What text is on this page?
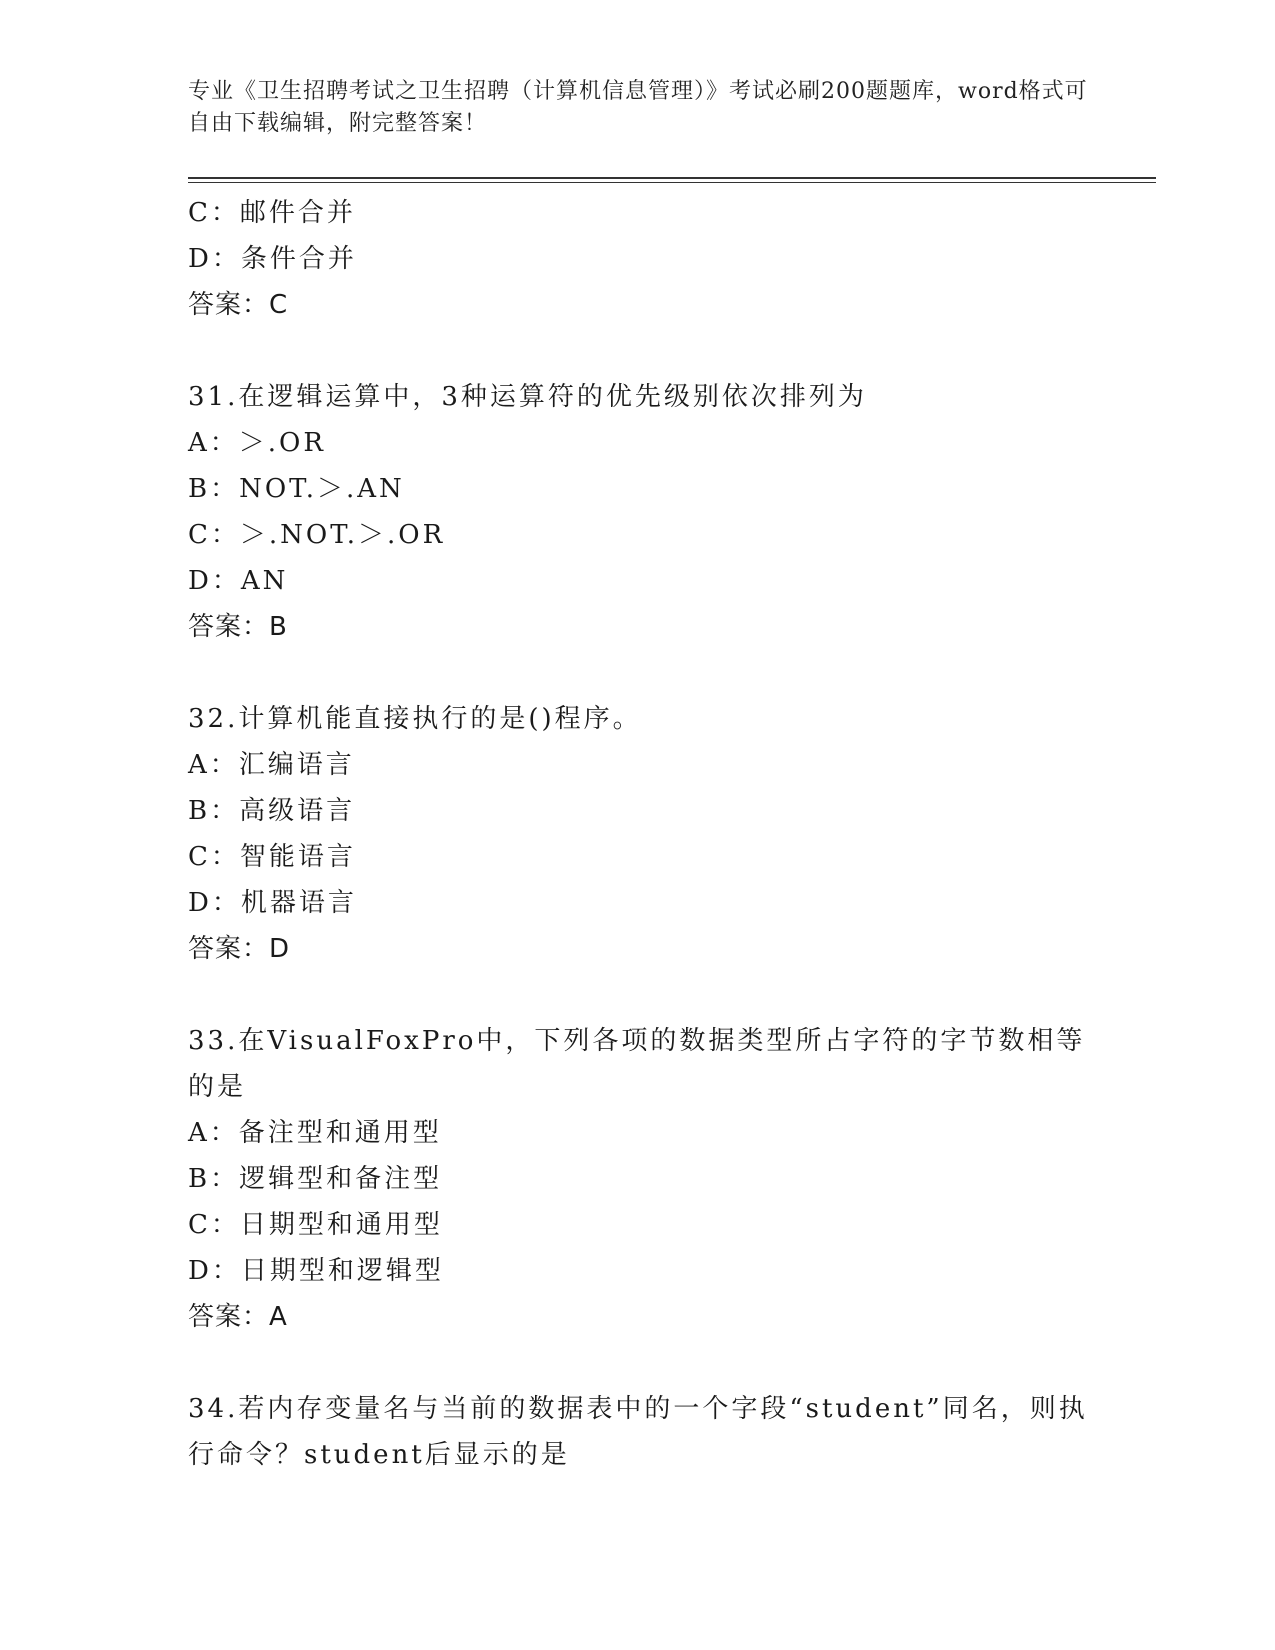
专业《卫生招聘考试之卫生招聘（计算机信息管理）》考试必刷200题题库，word格式可自由下载编辑，附完整答案！
C：邮件合并
D：条件合并
答案：C
31.在逻辑运算中，3种运算符的优先级别依次排列为
A：＞.OR
B：NOT.＞.AN
C：＞.NOT.＞.OR
D：AN
答案：B
32.计算机能直接执行的是()程序。
A：汇编语言
B：高级语言
C：智能语言
D：机器语言
答案：D
33.在VisualFoxPro中，下列各项的数据类型所占字符的字节数相等的是
A：备注型和通用型
B：逻辑型和备注型
C：日期型和通用型
D：日期型和逻辑型
答案：A
34.若内存变量名与当前的数据表中的一个字段“student”同名，则执行命令？student后显示的是
